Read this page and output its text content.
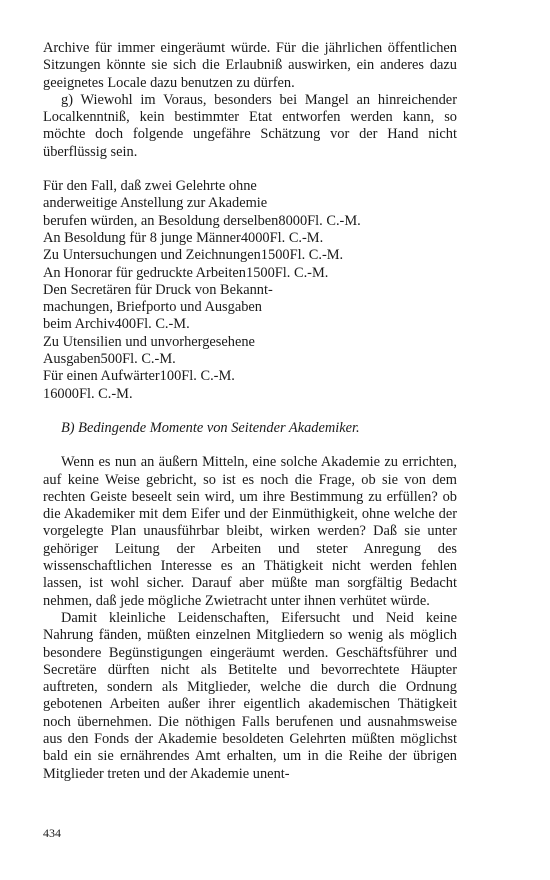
Archive für immer eingeräumt würde. Für die jährlichen öffentlichen Sitzungen könnte sie sich die Erlaubniß auswirken, ein anderes dazu geeignetes Locale dazu benutzen zu dürfen.

g) Wiewohl im Voraus, besonders bei Mangel an hinreichender Localkenntniß, kein bestimmter Etat entworfen werden kann, so möchte doch folgende ungefähre Schätzung vor der Hand nicht überflüssig sein.

Für den Fall, daß zwei Gelehrte ohne
anderweitige Anstellung zur Akademie
berufen würden, an Besoldung derselben8000Fl. C.-M.
An Besoldung für 8 junge Männer4000Fl. C.-M.
Zu Untersuchungen und Zeichnungen1500Fl. C.-M.
An Honorar für gedruckte Arbeiten1500Fl. C.-M.
Den Secretären für Druck von Bekannt-
machungen, Briefporto und Ausgaben
beim Archiv400Fl. C.-M.
Zu Utensilien und unvorhergesehene
Ausgaben500Fl. C.-M.
Für einen Aufwärter100Fl. C.-M.
16000Fl. C.-M.

B) Bedingende Momente von Seitender Akademiker.

Wenn es nun an äußern Mitteln, eine solche Akademie zu errichten, auf keine Weise gebricht, so ist es noch die Frage, ob sie von dem rechten Geiste beseelt sein wird, um ihre Bestimmung zu erfüllen? ob die Akademiker mit dem Eifer und der Einmüthigkeit, ohne welche der vorgelegte Plan unausführbar bleibt, wirken werden? Daß sie unter gehöriger Leitung der Arbeiten und steter Anregung des wissenschaftlichen Interesse es an Thätigkeit nicht werden fehlen lassen, ist wohl sicher. Darauf aber müßte man sorgfältig Bedacht nehmen, daß jede mögliche Zwietracht unter ihnen verhütet würde.

Damit kleinliche Leidenschaften, Eifersucht und Neid keine Nahrung fänden, müßten einzelnen Mitgliedern so wenig als möglich besondere Begünstigungen eingeräumt werden. Geschäftsführer und Secretäre dürften nicht als Betitelte und bevorrechtete Häupter auftreten, sondern als Mitglieder, welche die durch die Ordnung gebotenen Arbeiten außer ihrer eigentlich akademischen Thätigkeit noch übernehmen. Die nöthigen Falls berufenen und ausnahmsweise aus den Fonds der Akademie besoldeten Gelehrten müßten möglichst bald ein sie ernährendes Amt erhalten, um in die Reihe der übrigen Mitglieder treten und der Akademie unent-

434
